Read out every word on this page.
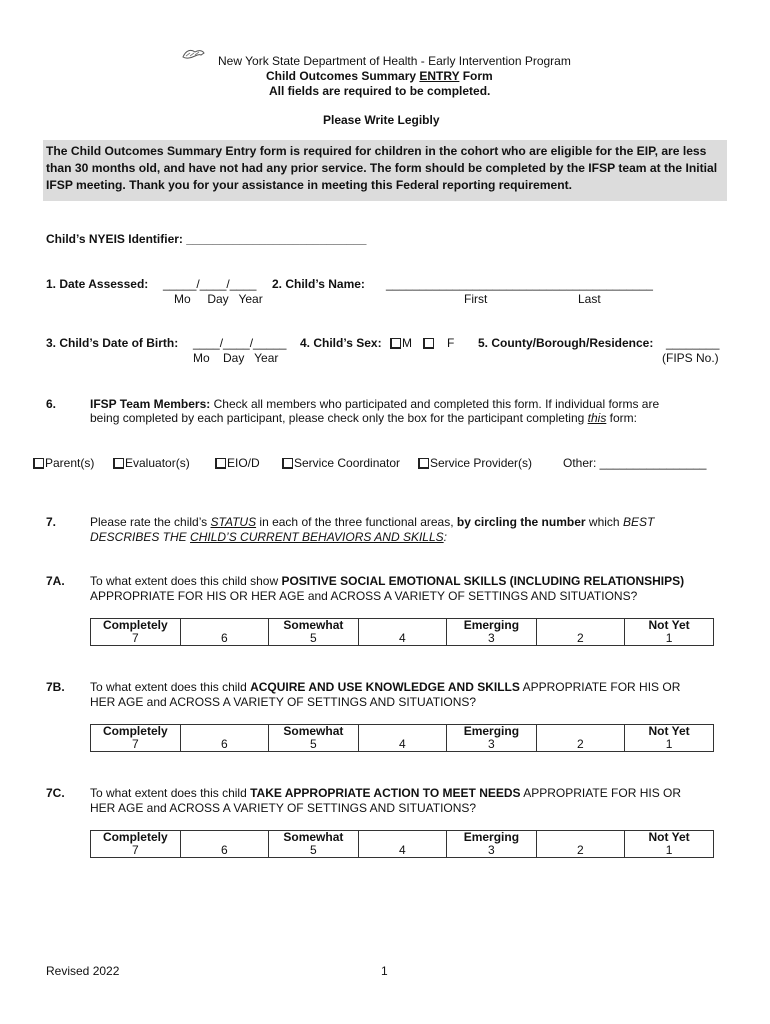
New York State Department of Health - Early Intervention Program
Child Outcomes Summary ENTRY Form
All fields are required to be completed.
Please Write Legibly

The Child Outcomes Summary Entry form is required for children in the cohort who are eligible for the EIP, are less than 30 months old, and have not had any prior service. The form should be completed by the IFSP team at the Initial IFSP meeting. Thank you for your assistance in meeting this Federal reporting requirement.

Child’s NYEIS Identifier: ___________________________
1. Date Assessed: _____/____/____
Mo     Day   Year
2. Child’s Name: ________________________________________
First	Last
3. Child’s Date of Birth: ____/____/_____
Mo    Day   Year
4. Child’s Sex:	M	F 5. County/Borough/Residence: ________
(FIPS No.)
6.	IFSP Team Members: Check all members who participated and completed this form. If individual forms are
being completed by each participant, please check only the box for the participant completing this form:
Parent(s)	Evaluator(s)	EIO/D	Service Coordinator	Service Provider(s)	Other: ________________
7.	Please rate the child’s STATUS in each of the three functional areas, by circling the number which BEST
DESCRIBES THE CHILD’S CURRENT BEHAVIORS AND SKILLS:
7A. To what extent does this child show POSITIVE SOCIAL EMOTIONAL SKILLS (INCLUDING RELATIONSHIPS)
APPROPRIATE FOR HIS OR HER AGE and ACROSS A VARIETY OF SETTINGS AND SITUATIONS?
Completely		Somewhat		Emerging		Not Yet
7	6	5	4	3	2	1
7B. To what extent does this child ACQUIRE AND USE KNOWLEDGE AND SKILLS APPROPRIATE FOR HIS OR
HER AGE and ACROSS A VARIETY OF SETTINGS AND SITUATIONS?
Completely		Somewhat		Emerging		Not Yet
7	6	5	4	3	2	1
7C. To what extent does this child TAKE APPROPRIATE ACTION TO MEET NEEDS APPROPRIATE FOR HIS OR
HER AGE and ACROSS A VARIETY OF SETTINGS AND SITUATIONS?
Completely		Somewhat		Emerging		Not Yet
7	6	5	4	3	2	1
Revised 2022	1
